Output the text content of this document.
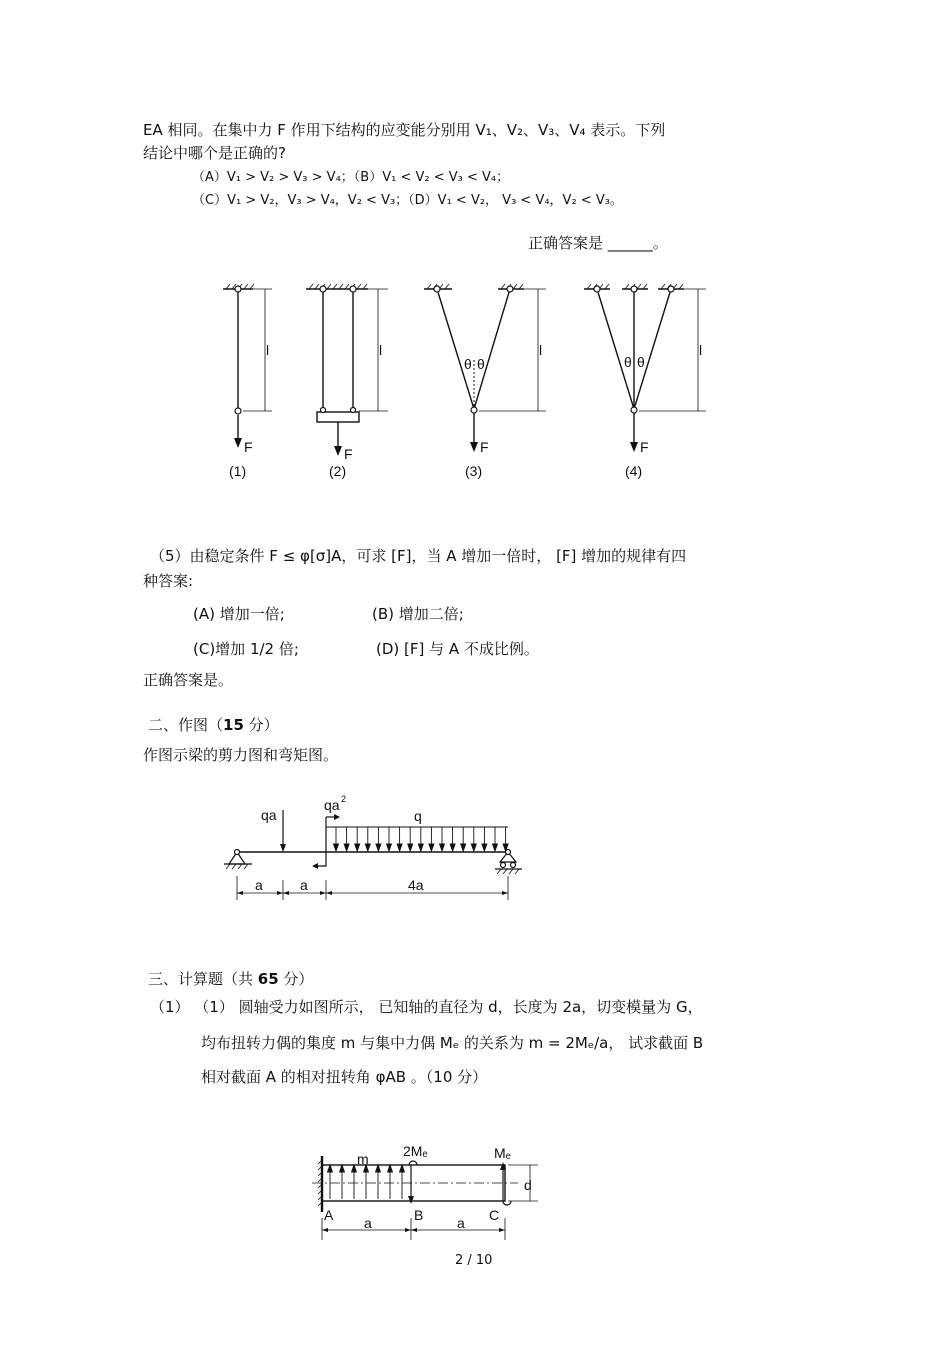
EA 相同。在集中力 F 作用下结构的应变能分别用 V₁、V₂、V₃、V₄ 表示。下列
结论中哪个是正确的?
（A）V₁ > V₂ > V₃ > V₄；（B）V₁ < V₂ < V₃ < V₄；
（C）V₁ > V₂，V₃ > V₄，V₂ < V₃；（D）V₁ < V₂， V₃ < V₄，V₂ < V₃。
正确答案是 ______。
l	l	l	l
θ θ	θ θ
F	F	F	F
(1)	(2)	(3)	(4)
（5）由稳定条件 F ≤ φ[σ]A，可求 [F]，当 A 增加一倍时， [F] 增加的规律有四
种答案:
(A) 增加一倍;	(B) 增加二倍;
(C)增加 1/2 倍;	(D) [F] 与 A 不成比例。
正确答案是。
二、作图（15 分）
作图示梁的剪力图和弯矩图。
qa
qa 2
q
a	a	4a
三、计算题（共 65 分）
（1） （1） 圆轴受力如图所示， 已知轴的直径为 d，长度为 2a，切变模量为 G，
均布扭转力偶的集度 m 与集中力偶 Mₑ 的关系为 m = 2Mₑ/a， 试求截面 B
相对截面 A 的相对扭转角 φAB 。（10 分）
m 2Mₑ	Mₑ
d
A	B	C
a	a
2 / 10
